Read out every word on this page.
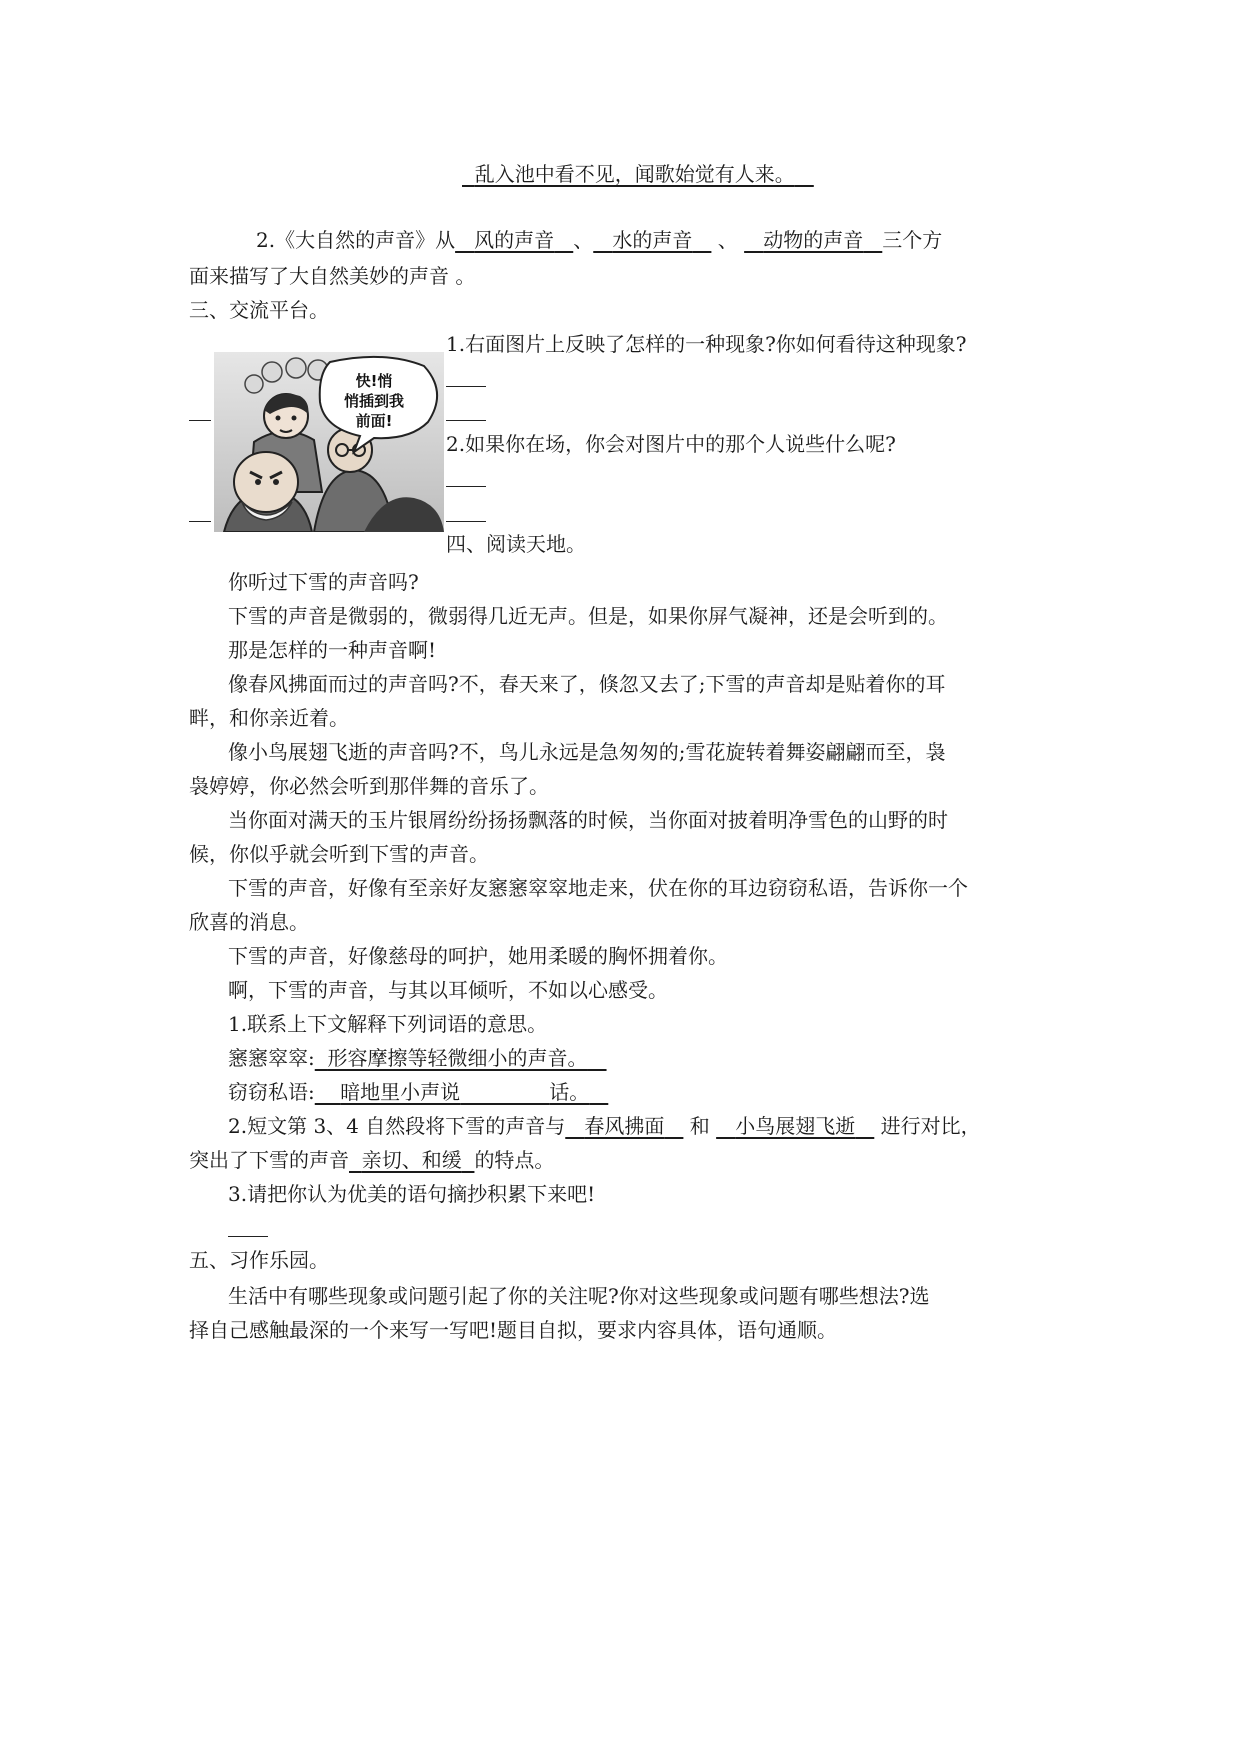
乱入池中看不见，闻歌始觉有人来。
2.《大自然的声音》从 风的声音 、 水的声音 、 动物的声音 三个方
面来描写了大自然美妙的声音 。
三、交流平台。
1.右面图片上反映了怎样的一种现象?你如何看待这种现象?
2.如果你在场，你会对图片中的那个人说些什么呢?
快!悄
悄插到我
前面!
四、阅读天地。
你听过下雪的声音吗?
下雪的声音是微弱的，微弱得几近无声。但是，如果你屏气凝神，还是会听到的。
那是怎样的一种声音啊!
像春风拂面而过的声音吗?不，春天来了，倏忽又去了;下雪的声音却是贴着你的耳
畔，和你亲近着。
像小鸟展翅飞逝的声音吗?不，鸟儿永远是急匆匆的;雪花旋转着舞姿翩翩而至，袅
袅婷婷，你必然会听到那伴舞的音乐了。
当你面对满天的玉片银屑纷纷扬扬飘落的时候，当你面对披着明净雪色的山野的时
候，你似乎就会听到下雪的声音。
下雪的声音，好像有至亲好友窸窸窣窣地走来，伏在你的耳边窃窃私语，告诉你一个
欣喜的消息。
下雪的声音，好像慈母的呵护，她用柔暖的胸怀拥着你。
啊，下雪的声音，与其以耳倾听，不如以心感受。
1.联系上下文解释下列词语的意思。
窸窸窣窣: 形容摩擦等轻微细小的声音。
窃窃私语: 暗地里小声说	话。
2.短文第 3、4 自然段将下雪的声音与 春风拂面 和 小鸟展翅飞逝 进行对比，
突出了下雪的声音 亲切、和缓 的特点。
3.请把你认为优美的语句摘抄积累下来吧!
五、习作乐园。
生活中有哪些现象或问题引起了你的关注呢?你对这些现象或问题有哪些想法?选
择自己感触最深的一个来写一写吧!题目自拟，要求内容具体，语句通顺。
